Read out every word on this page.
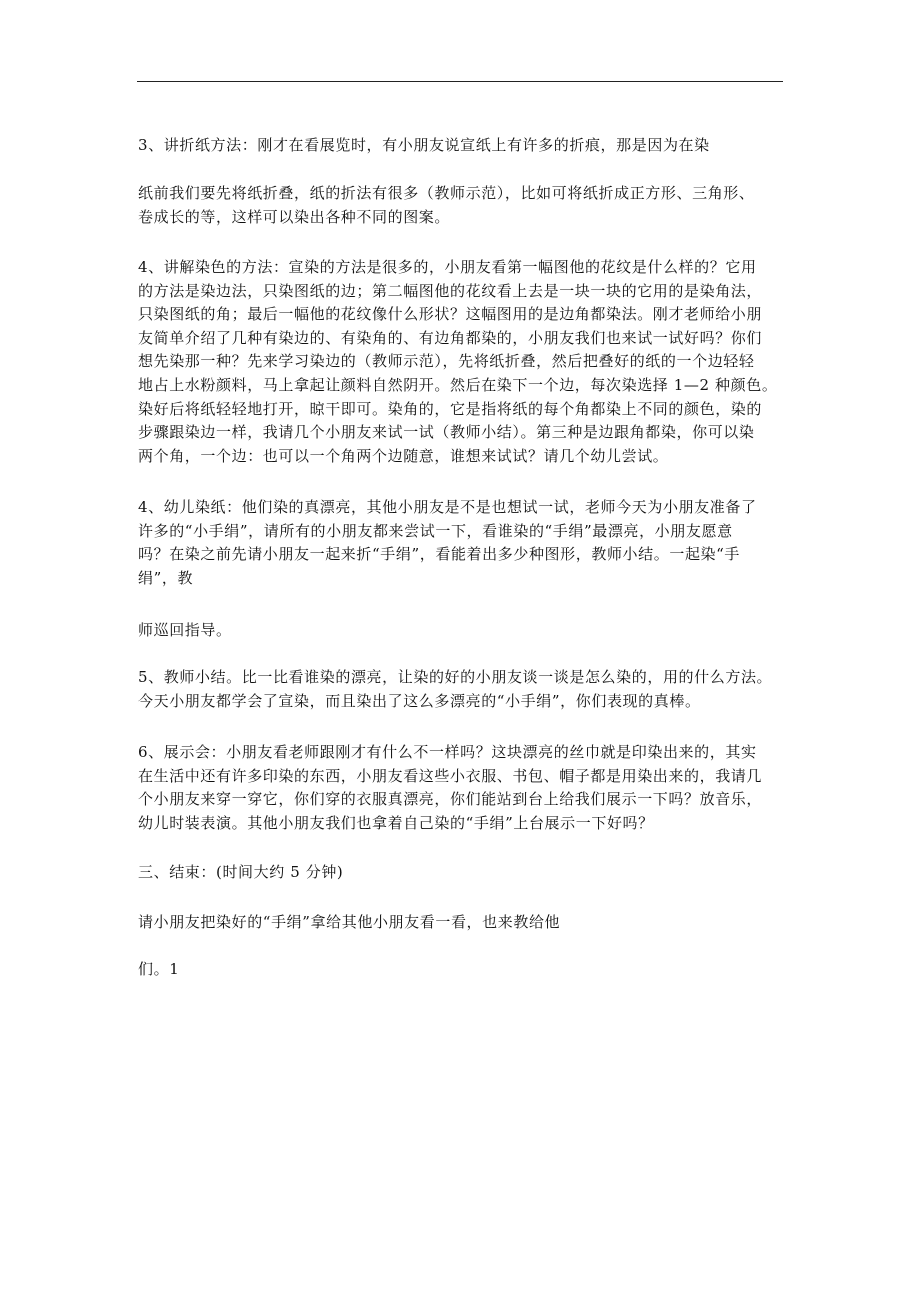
3、讲折纸方法：刚才在看展览时，有小朋友说宣纸上有许多的折痕，那是因为在染

纸前我们要先将纸折叠，纸的折法有很多（教师示范），比如可将纸折成正方形、三角形、
卷成长的等，这样可以染出各种不同的图案。

4、讲解染色的方法：宣染的方法是很多的，小朋友看第一幅图他的花纹是什么样的？它用
的方法是染边法，只染图纸的边；第二幅图他的花纹看上去是一块一块的它用的是染角法，
只染图纸的角；最后一幅他的花纹像什么形状？这幅图用的是边角都染法。刚才老师给小朋
友简单介绍了几种有染边的、有染角的、有边角都染的，小朋友我们也来试一试好吗？你们
想先染那一种？先来学习染边的（教师示范），先将纸折叠，然后把叠好的纸的一个边轻轻
地占上水粉颜料，马上拿起让颜料自然阴开。然后在染下一个边，每次染选择 1—2 种颜色。
染好后将纸轻轻地打开，晾干即可。染角的，它是指将纸的每个角都染上不同的颜色，染的
步骤跟染边一样，我请几个小朋友来试一试（教师小结）。第三种是边跟角都染，你可以染
两个角，一个边：也可以一个角两个边随意，谁想来试试？请几个幼儿尝试。

4、幼儿染纸：他们染的真漂亮，其他小朋友是不是也想试一试，老师今天为小朋友准备了
许多的“小手绢”，请所有的小朋友都来尝试一下，看谁染的“手绢”最漂亮，小朋友愿意
吗？在染之前先请小朋友一起来折“手绢”，看能着出多少种图形，教师小结。一起染“手
绢”，教

师巡回指导。

5、教师小结。比一比看谁染的漂亮，让染的好的小朋友谈一谈是怎么染的，用的什么方法。
今天小朋友都学会了宣染，而且染出了这么多漂亮的“小手绢”，你们表现的真棒。

6、展示会：小朋友看老师跟刚才有什么不一样吗？这块漂亮的丝巾就是印染出来的，其实
在生活中还有许多印染的东西，小朋友看这些小衣服、书包、帽子都是用染出来的，我请几
个小朋友来穿一穿它，你们穿的衣服真漂亮，你们能站到台上给我们展示一下吗？放音乐，
幼儿时装表演。其他小朋友我们也拿着自己染的“手绢”上台展示一下好吗？

三、结束：(时间大约 5 分钟)

请小朋友把染好的“手绢”拿给其他小朋友看一看，也来教给他

们。1
